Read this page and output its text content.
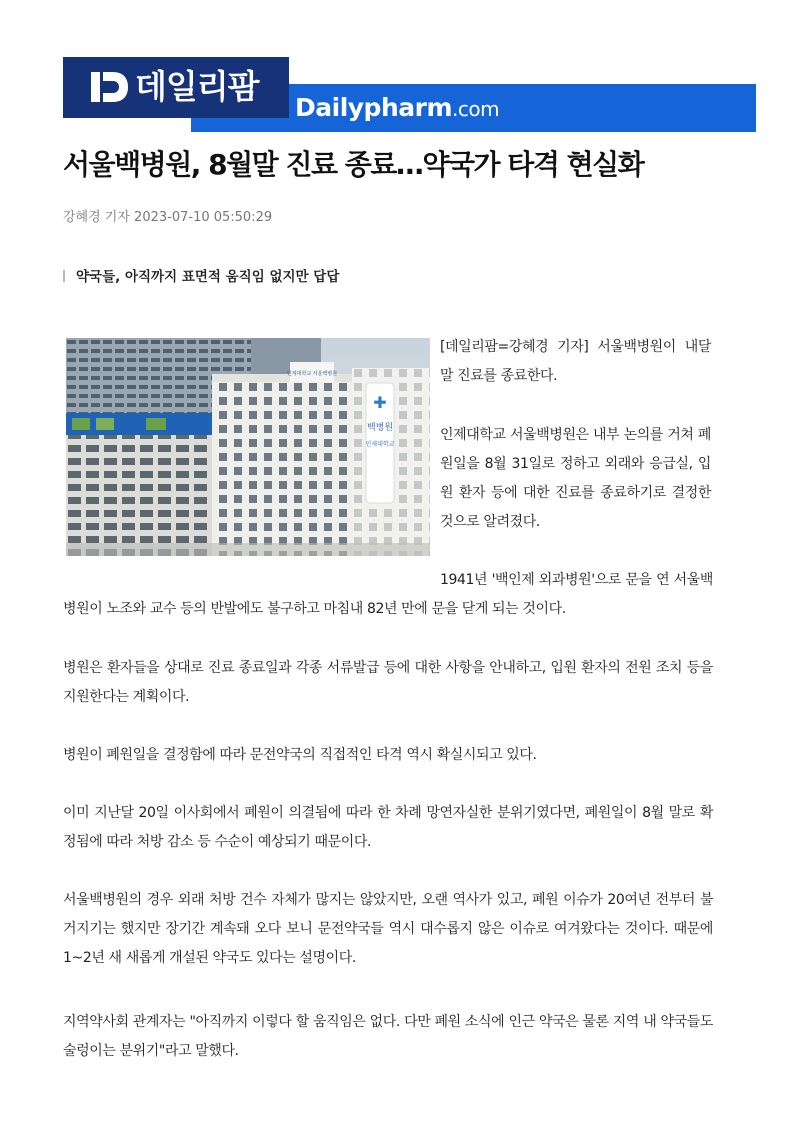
데일리팜
Dailypharm.com
서울백병원, 8월말 진료 종료…약국가 타격 현실화
강혜경 기자 2023-07-10 05:50:29
약국들, 아직까지 표면적 움직임 없지만 답답
✚
백병원
인제대학교
인제대학교 서울백병원
[데일리팜=강혜경 기자] 서울백병원이 내달 말 진료를 종료한다.
인제대학교 서울백병원은 내부 논의를 거쳐 폐원일을 8월 31일로 정하고 외래와 응급실, 입원 환자 등에 대한 진료를 종료하기로 결정한 것으로 알려졌다.
1941년 '백인제 외과병원'으로 문을 연 서울백병원이 노조와 교수 등의 반발에도 불구하고 마침내 82년 만에 문을 닫게 되는 것이다.
병원은 환자들을 상대로 진료 종료일과 각종 서류발급 등에 대한 사항을 안내하고, 입원 환자의 전원 조치 등을 지원한다는 계획이다.
병원이 폐원일을 결정함에 따라 문전약국의 직접적인 타격 역시 확실시되고 있다.
이미 지난달 20일 이사회에서 폐원이 의결됨에 따라 한 차례 망연자실한 분위기였다면, 폐원일이 8월 말로 확정됨에 따라 처방 감소 등 수순이 예상되기 때문이다.
서울백병원의 경우 외래 처방 건수 자체가 많지는 않았지만, 오랜 역사가 있고, 폐원 이슈가 20여년 전부터 불거지기는 했지만 장기간 계속돼 오다 보니 문전약국들 역시 대수롭지 않은 이슈로 여겨왔다는 것이다. 때문에 1~2년 새 새롭게 개설된 약국도 있다는 설명이다.
지역약사회 관계자는 "아직까지 이렇다 할 움직임은 없다. 다만 폐원 소식에 인근 약국은 물론 지역 내 약국들도 술렁이는 분위기"라고 말했다.
